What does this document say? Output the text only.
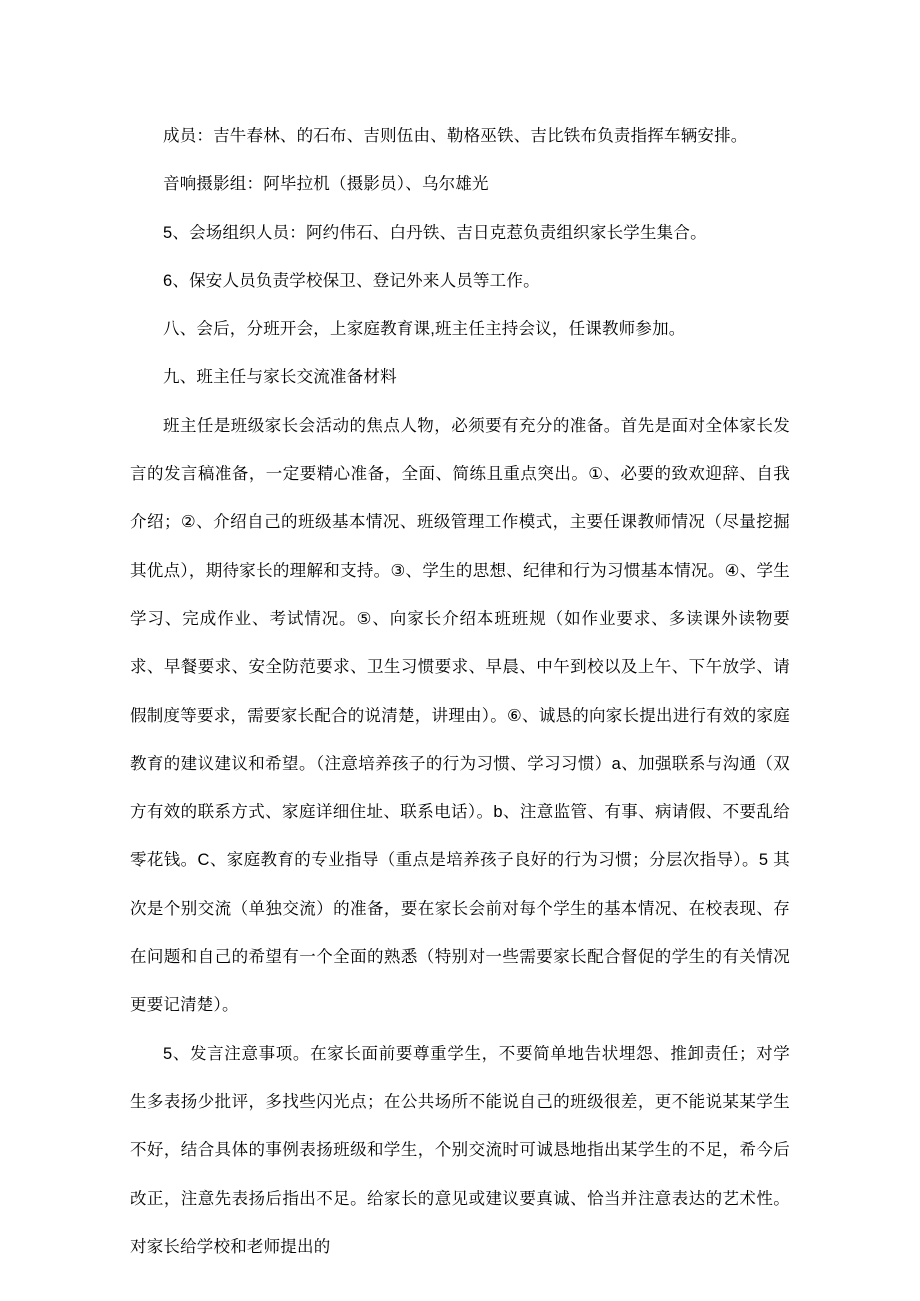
成员：吉牛春林、的石布、吉则伍由、勒格巫铁、吉比铁布负责指挥车辆安排。

音响摄影组：阿毕拉机（摄影员）、乌尔雄光

5、会场组织人员：阿约伟石、白丹铁、吉日克惹负责组织家长学生集合。

6、保安人员负责学校保卫、登记外来人员等工作。

八、会后，分班开会，上家庭教育课,班主任主持会议，任课教师参加。

九、班主任与家长交流准备材料

班主任是班级家长会活动的焦点人物，必须要有充分的准备。首先是面对全体家长发言的发言稿准备，一定要精心准备，全面、简练且重点突出。①、必要的致欢迎辞、自我介绍；②、介绍自己的班级基本情况、班级管理工作模式，主要任课教师情况（尽量挖掘其优点），期待家长的理解和支持。③、学生的思想、纪律和行为习惯基本情况。④、学生学习、完成作业、考试情况。⑤、向家长介绍本班班规（如作业要求、多读课外读物要求、早餐要求、安全防范要求、卫生习惯要求、早晨、中午到校以及上午、下午放学、请假制度等要求，需要家长配合的说清楚，讲理由）。⑥、诚恳的向家长提出进行有效的家庭教育的建议建议和希望。（注意培养孩子的行为习惯、学习习惯）a、加强联系与沟通（双方有效的联系方式、家庭详细住址、联系电话）。b、注意监管、有事、病请假、不要乱给零花钱。C、家庭教育的专业指导（重点是培养孩子良好的行为习惯；分层次指导）。5 其次是个别交流（单独交流）的准备，要在家长会前对每个学生的基本情况、在校表现、存在问题和自己的希望有一个全面的熟悉（特别对一些需要家长配合督促的学生的有关情况更要记清楚）。

5、发言注意事项。在家长面前要尊重学生，不要简单地告状埋怨、推卸责任；对学生多表扬少批评，多找些闪光点；在公共场所不能说自己的班级很差，更不能说某某学生不好，结合具体的事例表扬班级和学生，个别交流时可诚恳地指出某学生的不足，希今后改正，注意先表扬后指出不足。给家长的意见或建议要真诚、恰当并注意表达的艺术性。对家长给学校和老师提出的
